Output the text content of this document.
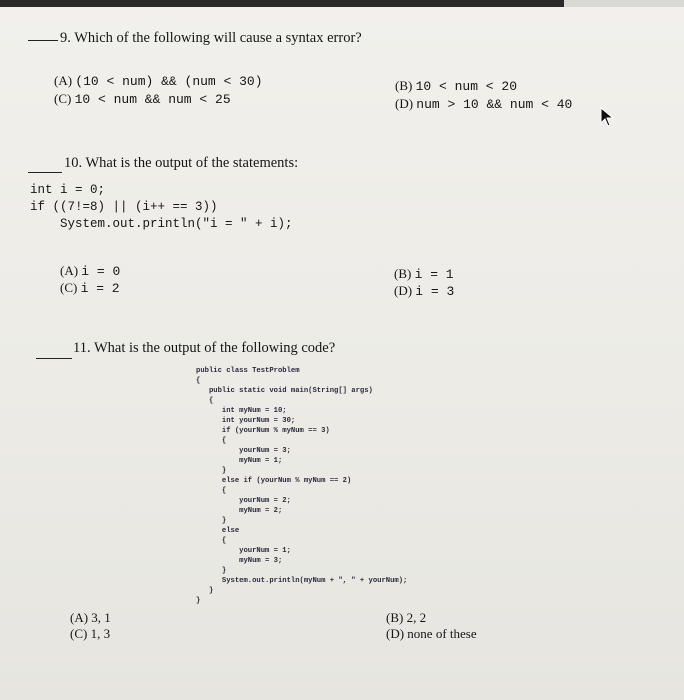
9. Which of the following will cause a syntax error?
(A) (10 < num) && (num < 30)
(C) 10 < num && num < 25
(B) 10 < num < 20
(D) num > 10 && num < 40
10. What is the output of the statements:
int i = 0;
if ((7!=8) || (i++ == 3))
System.out.println("i = " + i);
(A) i = 0
(C) i = 2
(B) i = 1
(D) i = 3
11. What is the output of the following code?
public class TestProblem
{
public static void main(String[] args)
{
int myNum = 10;
int yourNum = 30;
if (yourNum % myNum == 3)
{
yourNum = 3;
myNum = 1;
}
else if (yourNum % myNum == 2)
{
yourNum = 2;
myNum = 2;
}
else
{
yourNum = 1;
myNum = 3;
}
System.out.println(myNum + ", " + yourNum);
}
}
(A) 3, 1
(C) 1, 3
(B) 2, 2
(D) none of these
